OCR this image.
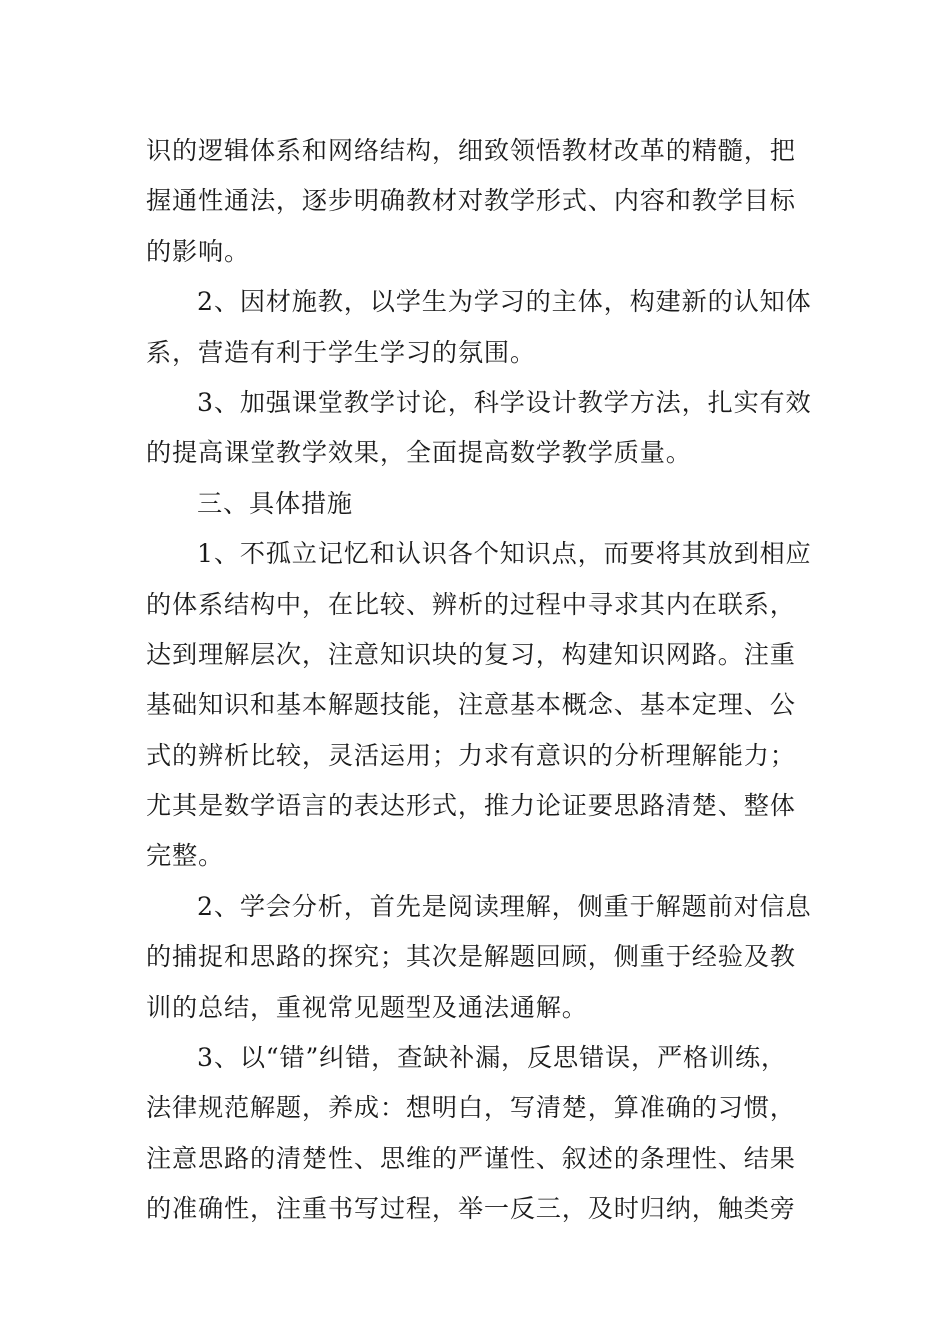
识的逻辑体系和网络结构，细致领悟教材改革的精髓，把
握通性通法，逐步明确教材对教学形式、内容和教学目标
的影响。
2、因材施教，以学生为学习的主体，构建新的认知体
系，营造有利于学生学习的氛围。
3、加强课堂教学讨论，科学设计教学方法，扎实有效
的提高课堂教学效果，全面提高数学教学质量。
三、具体措施
1、不孤立记忆和认识各个知识点，而要将其放到相应
的体系结构中，在比较、辨析的过程中寻求其内在联系，
达到理解层次，注意知识块的复习，构建知识网路。注重
基础知识和基本解题技能，注意基本概念、基本定理、公
式的辨析比较，灵活运用；力求有意识的分析理解能力；
尤其是数学语言的表达形式，推力论证要思路清楚、整体
完整。
2、学会分析，首先是阅读理解，侧重于解题前对信息
的捕捉和思路的探究；其次是解题回顾，侧重于经验及教
训的总结，重视常见题型及通法通解。
3、以“错”纠错，查缺补漏，反思错误，严格训练，
法律规范解题，养成：想明白，写清楚，算准确的习惯，
注意思路的清楚性、思维的严谨性、叙述的条理性、结果
的准确性，注重书写过程，举一反三，及时归纳，触类旁
